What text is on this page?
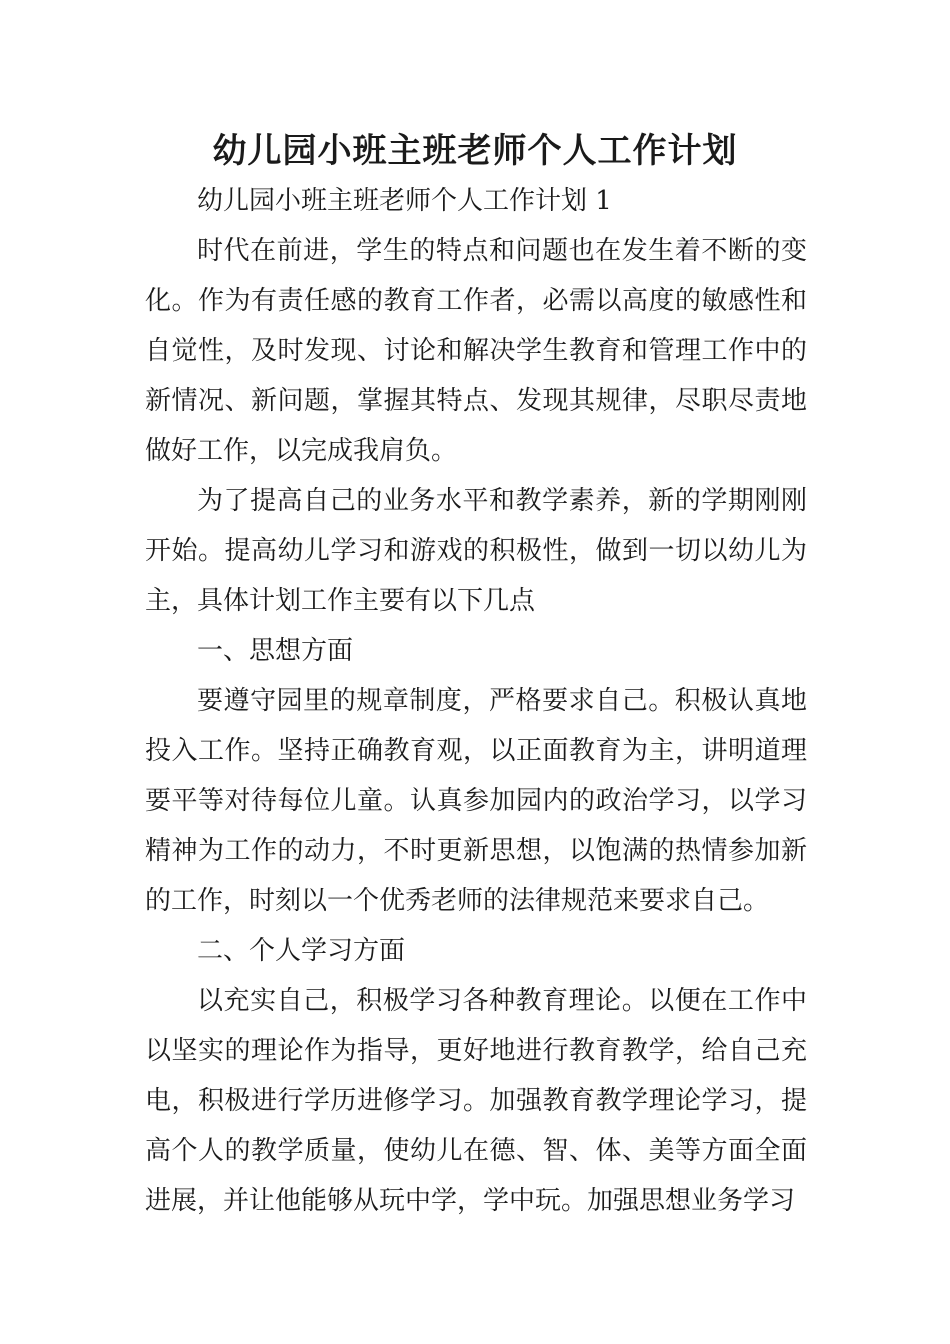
幼儿园小班主班老师个人工作计划

幼儿园小班主班老师个人工作计划 1

时代在前进，学生的特点和问题也在发生着不断的变化。作为有责任感的教育工作者，必需以高度的敏感性和自觉性，及时发现、讨论和解决学生教育和管理工作中的新情况、新问题，掌握其特点、发现其规律，尽职尽责地做好工作，以完成我肩负。

为了提高自己的业务水平和教学素养，新的学期刚刚开始。提高幼儿学习和游戏的积极性，做到一切以幼儿为主，具体计划工作主要有以下几点

一、思想方面

要遵守园里的规章制度，严格要求自己。积极认真地投入工作。坚持正确教育观，以正面教育为主，讲明道理要平等对待每位儿童。认真参加园内的政治学习，以学习精神为工作的动力，不时更新思想，以饱满的热情参加新的工作，时刻以一个优秀老师的法律规范来要求自己。

二、个人学习方面

以充实自己，积极学习各种教育理论。以便在工作中以坚实的理论作为指导，更好地进行教育教学，给自己充电，积极进行学历进修学习。加强教育教学理论学习，提高个人的教学质量，使幼儿在德、智、体、美等方面全面进展，并让他能够从玩中学，学中玩。加强思想业务学习
